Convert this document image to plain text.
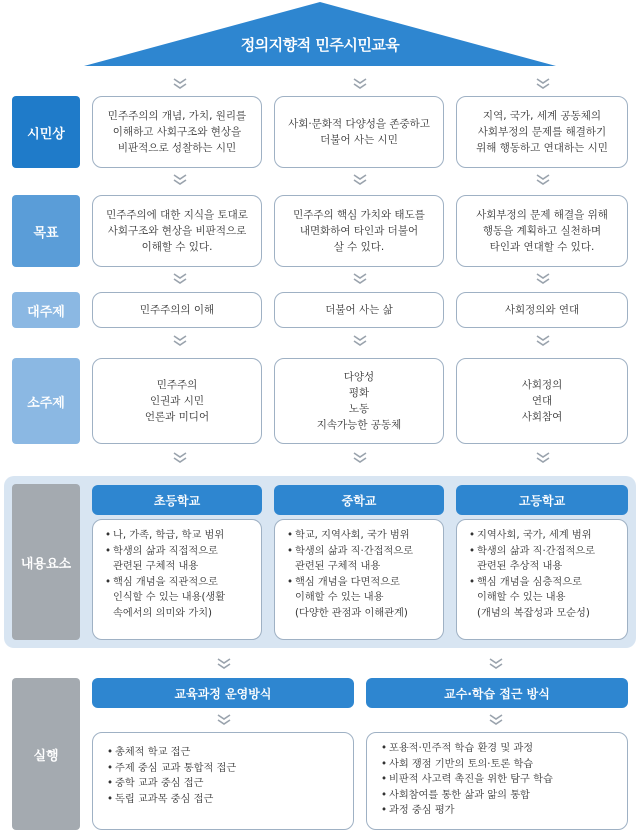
정의지향적 민주시민교육
시민상
민주주의의 개념, 가치, 원리를
이해하고 사회구조와 현상을
비판적으로 성찰하는 시민
사회·문화적 다양성을 존중하고
더불어 사는 시민
지역, 국가, 세계 공동체의
사회부정의 문제를 해결하기
위해 행동하고 연대하는 시민
목표
민주주의에 대한 지식을 토대로
사회구조와 현상을 비판적으로
이해할 수 있다.
민주주의 핵심 가치와 태도를
내면화하여 타인과 더불어
살 수 있다.
사회부정의 문제 해결을 위해
행동을 계획하고 실천하며
타인과 연대할 수 있다.
대주제	민주주의의 이해	더불어 사는 삶	사회정의와 연대
소주제
민주주의
인권과 시민
언론과 미디어
다양성
평화
노동
지속가능한 공동체
사회정의
연대
사회참여
내용요소
초등학교	중학교	고등학교
• 나, 가족, 학급, 학교 범위
• 학생의 삶과 직접적으로
관련된 구체적 내용
• 핵심 개념을 직관적으로
인식할 수 있는 내용(생활
속에서의 의미와 가치)
• 학교, 지역사회, 국가 범위
• 학생의 삶과 직·간접적으로
관련된 구체적 내용
• 핵심 개념을 다면적으로
이해할 수 있는 내용
(다양한 관점과 이해관계)
• 지역사회, 국가, 세계 범위
• 학생의 삶과 직·간접적으로
관련된 추상적 내용
• 핵심 개념을 심층적으로
이해할 수 있는 내용
(개념의 복잡성과 모순성)
실행
교육과정 운영방식	교수·학습 접근 방식
• 총체적 학교 접근
• 주제 중심 교과 통합적 접근
• 중학 교과 중심 접근
• 독립 교과목 중심 접근
• 포용적·민주적 학습 환경 및 과정
• 사회 쟁점 기반의 토의·토론 학습
• 비판적 사고력 촉진을 위한 탐구 학습
• 사회참여를 통한 삶과 앎의 통합
• 과정 중심 평가
